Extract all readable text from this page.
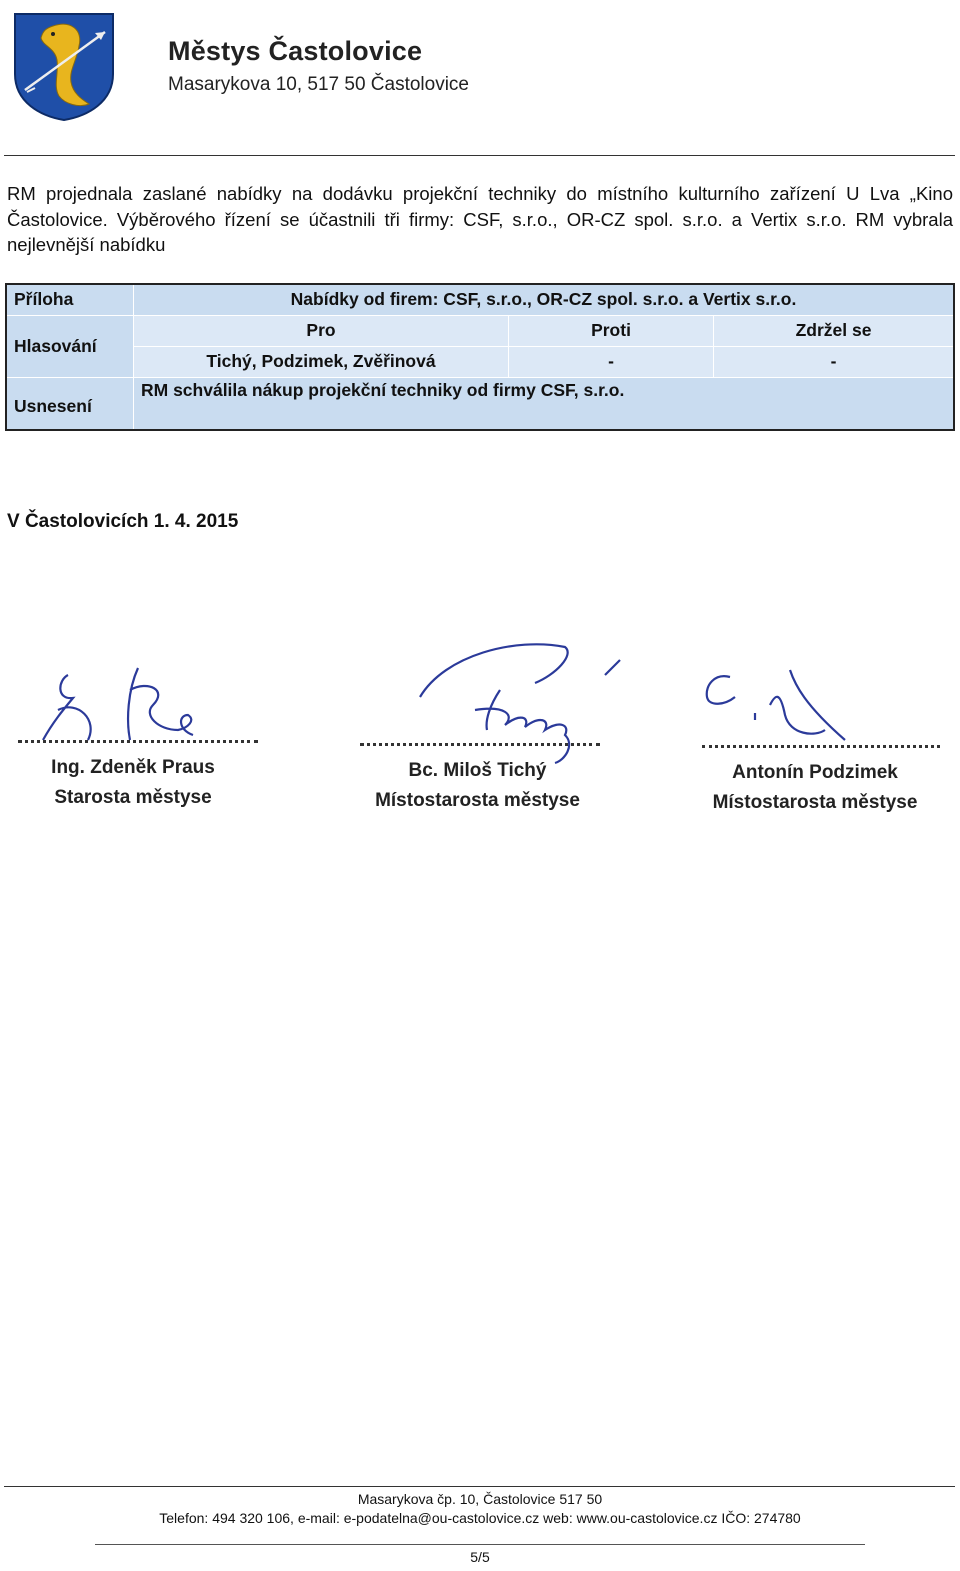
Městys Častolovice
Masarykova 10, 517 50 Častolovice
RM projednala zaslané nabídky na dodávku projekční techniky do místního kulturního zařízení U Lva „Kino Častolovice. Výběrového řízení se účastnili tři firmy: CSF, s.r.o., OR-CZ spol. s.r.o. a Vertix s.r.o. RM vybrala nejlevnější nabídku
Příloha	Nabídky od firem: CSF, s.r.o., OR-CZ spol. s.r.o. a Vertix s.r.o.		
Hlasování	Pro	Proti	Zdržel se
	Tichý, Podzimek, Zvěřinová	-	-
Usnesení	RM schválila nákup projekční techniky od firmy CSF, s.r.o.		
V Častolovicích 1. 4. 2015
Ing. Zdeněk Praus
Starosta městyse
Bc. Miloš Tichý
Místostarosta městyse
Antonín Podzimek
Místostarosta městyse
Masarykova čp. 10, Častolovice 517 50
Telefon: 494 320 106, e-mail: e-podatelna@ou-castolovice.cz web: www.ou-castolovice.cz IČO: 274780
5/5
